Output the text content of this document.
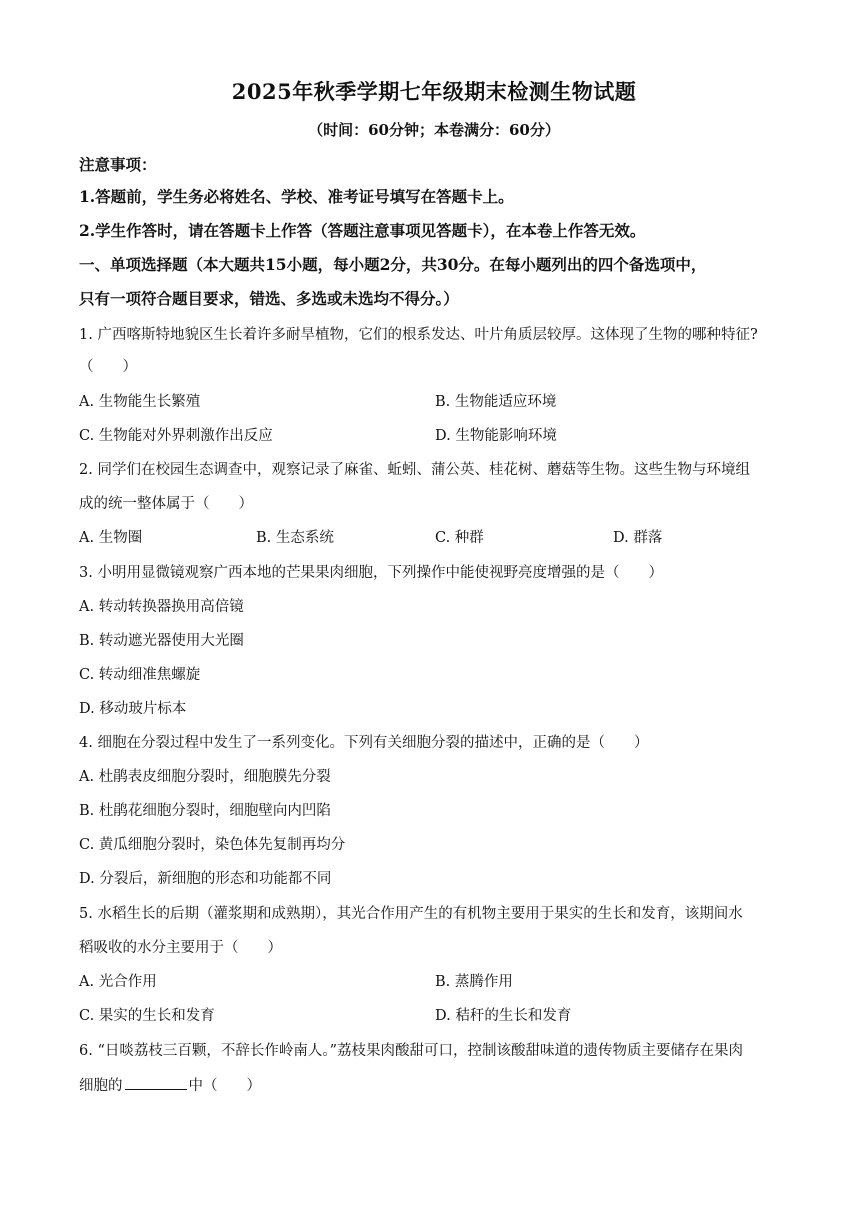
2025年秋季学期七年级期末检测生物试题
（时间：60分钟；本卷满分：60分）
注意事项：
1.答题前，学生务必将姓名、学校、准考证号填写在答题卡上。
2.学生作答时，请在答题卡上作答（答题注意事项见答题卡），在本卷上作答无效。
一、单项选择题（本大题共15小题，每小题2分，共30分。在每小题列出的四个备选项中，
只有一项符合题目要求，错选、多选或未选均不得分。）
1. 广西喀斯特地貌区生长着许多耐旱植物，它们的根系发达、叶片角质层较厚。这体现了生物的哪种特征?
（　　）
A. 生物能生长繁殖	B. 生物能适应环境
C. 生物能对外界刺激作出反应	D. 生物能影响环境
2. 同学们在校园生态调查中，观察记录了麻雀、蚯蚓、蒲公英、桂花树、蘑菇等生物。这些生物与环境组
成的统一整体属于（　　）
A. 生物圈	B. 生态系统	C. 种群	D. 群落
3. 小明用显微镜观察广西本地的芒果果肉细胞，下列操作中能使视野亮度增强的是（　　）
A. 转动转换器换用高倍镜
B. 转动遮光器使用大光圈
C. 转动细准焦螺旋
D. 移动玻片标本
4. 细胞在分裂过程中发生了一系列变化。下列有关细胞分裂的描述中，正确的是（　　）
A. 杜鹃表皮细胞分裂时，细胞膜先分裂
B. 杜鹃花细胞分裂时，细胞壁向内凹陷
C. 黄瓜细胞分裂时，染色体先复制再均分
D. 分裂后，新细胞的形态和功能都不同
5. 水稻生长的后期（灌浆期和成熟期），其光合作用产生的有机物主要用于果实的生长和发育，该期间水
稻吸收的水分主要用于（　　）
A. 光合作用	B. 蒸腾作用
C. 果实的生长和发育	D. 秸秆的生长和发育
6. “日啖荔枝三百颗，不辞长作岭南人。”荔枝果肉酸甜可口，控制该酸甜味道的遗传物质主要储存在果肉
细胞的	中（　　）
